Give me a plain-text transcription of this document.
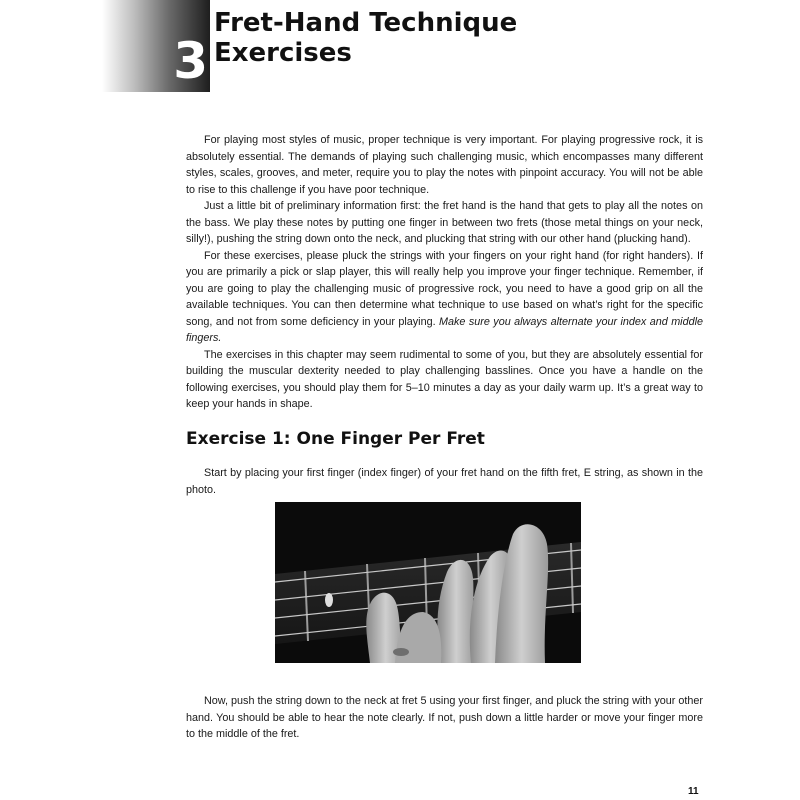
3
Fret-Hand Technique
Exercises

For playing most styles of music, proper technique is very important. For playing progressive rock, it is absolutely essential. The demands of playing such challenging music, which encompasses many different styles, scales, grooves, and meter, require you to play the notes with pinpoint accuracy. You will not be able to rise to this challenge if you have poor technique.

Just a little bit of preliminary information first: the fret hand is the hand that gets to play all the notes on the bass. We play these notes by putting one finger in between two frets (those metal things on your neck, silly!), pushing the string down onto the neck, and plucking that string with our other hand (plucking hand).

For these exercises, please pluck the strings with your fingers on your right hand (for right handers). If you are primarily a pick or slap player, this will really help you improve your finger technique. Remember, if you are going to play the challenging music of progressive rock, you need to have a good grip on all the available techniques. You can then determine what technique to use based on what’s right for the specific song, and not from some deficiency in your playing. Make sure you always alternate your index and middle fingers.

The exercises in this chapter may seem rudimental to some of you, but they are absolutely essential for building the muscular dexterity needed to play challenging basslines. Once you have a handle on the following exercises, you should play them for 5–10 minutes a day as your daily warm up. It’s a great way to keep your hands in shape.

Exercise 1: One Finger Per Fret

Start by placing your first finger (index finger) of your fret hand on the fifth fret, E string, as shown in the photo.

Now, push the string down to the neck at fret 5 using your first finger, and pluck the string with your other hand. You should be able to hear the note clearly. If not, push down a little harder or move your finger more to the middle of the fret.

11
